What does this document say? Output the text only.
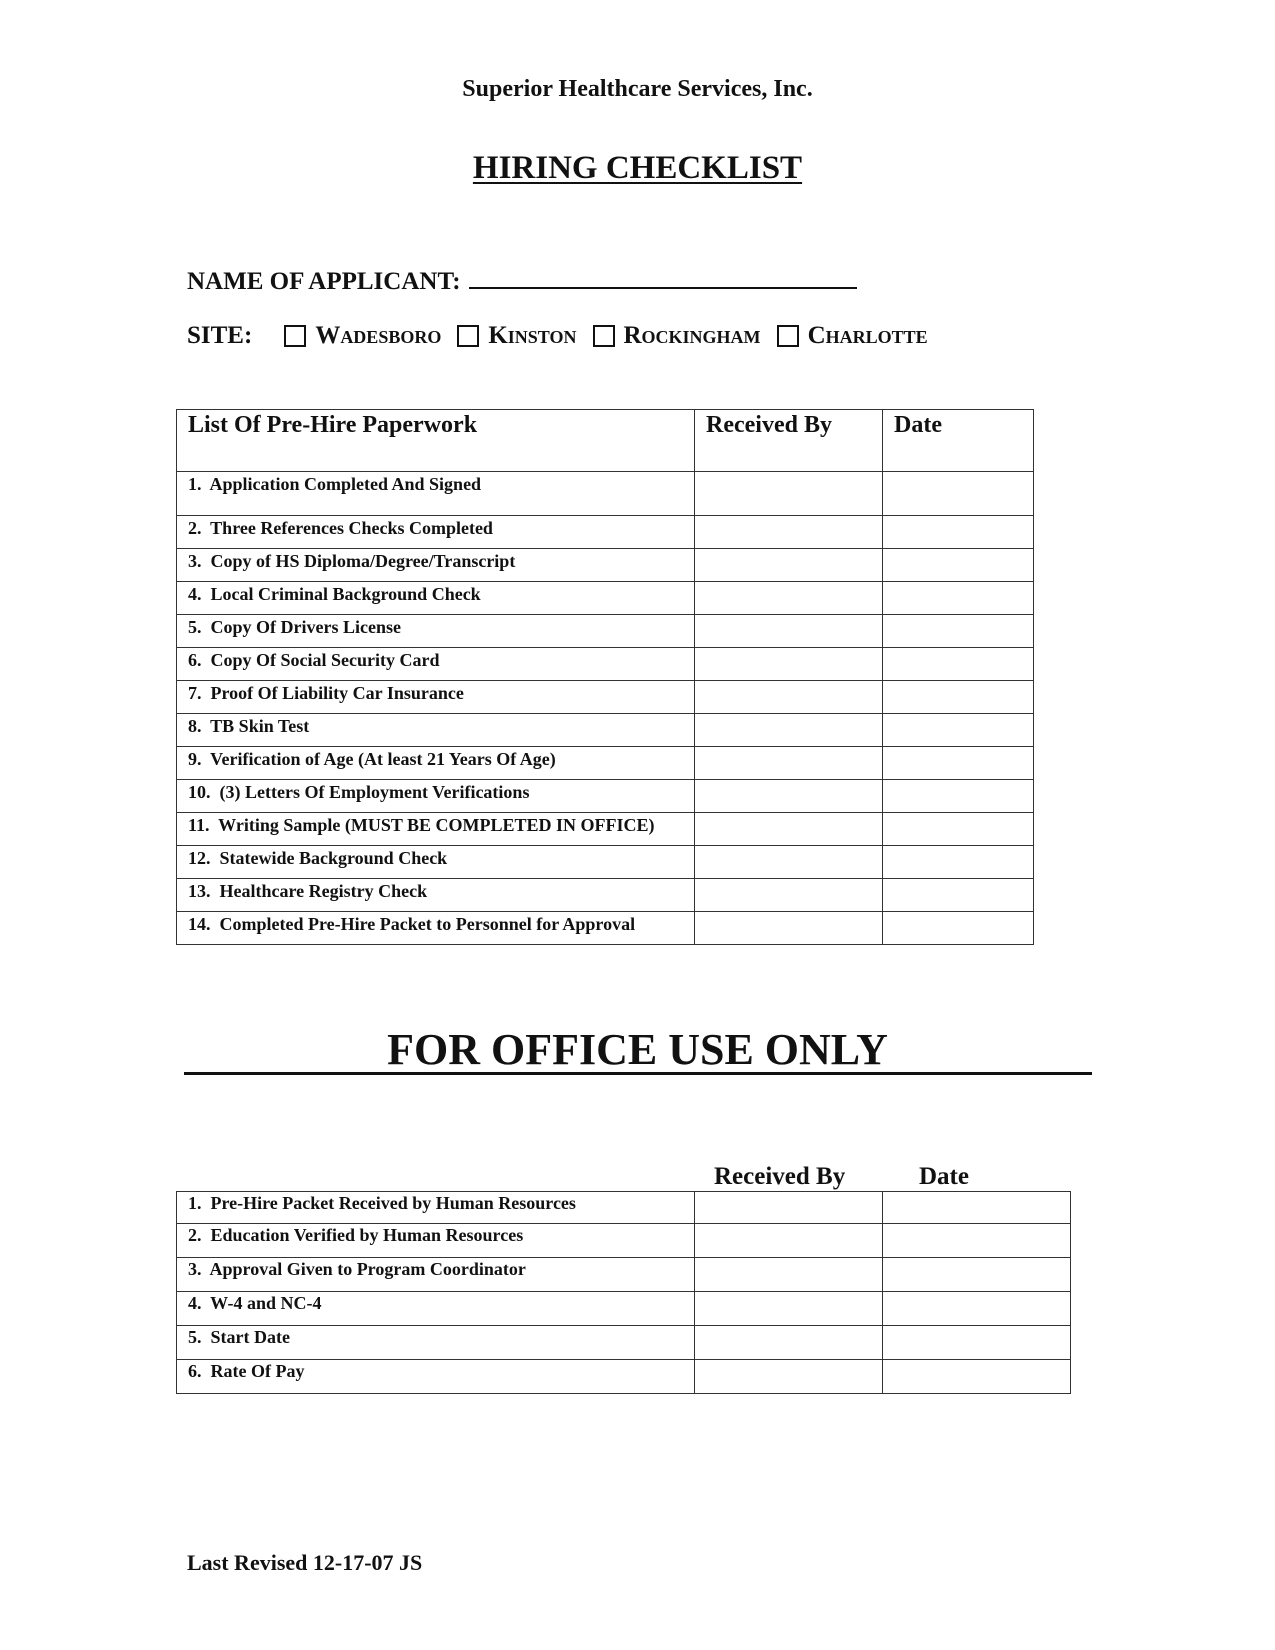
Superior Healthcare Services, Inc.
HIRING CHECKLIST
NAME OF APPLICANT:
SITE:	Wadesboro Kinston Rockingham Charlotte
List Of Pre-Hire Paperwork	Received By	Date
1.  Application Completed And Signed		
2.  Three References Checks Completed		
3.  Copy of HS Diploma/Degree/Transcript		
4.  Local Criminal Background Check		
5.  Copy Of Drivers License		
6.  Copy Of Social Security Card		
7.  Proof Of Liability Car Insurance		
8.  TB Skin Test		
9.  Verification of Age (At least 21 Years Of Age)		
10.  (3) Letters Of Employment Verifications		
11.  Writing Sample (MUST BE COMPLETED IN OFFICE)		
12.  Statewide Background Check		
13.  Healthcare Registry Check		
14.  Completed Pre-Hire Packet to Personnel for Approval		
FOR OFFICE USE ONLY
Received By	Date
1.  Pre-Hire Packet Received by Human Resources		
2.  Education Verified by Human Resources		
3.  Approval Given to Program Coordinator		
4.  W-4 and NC-4		
5.  Start Date		
6.  Rate Of Pay		
Last Revised 12-17-07 JS
